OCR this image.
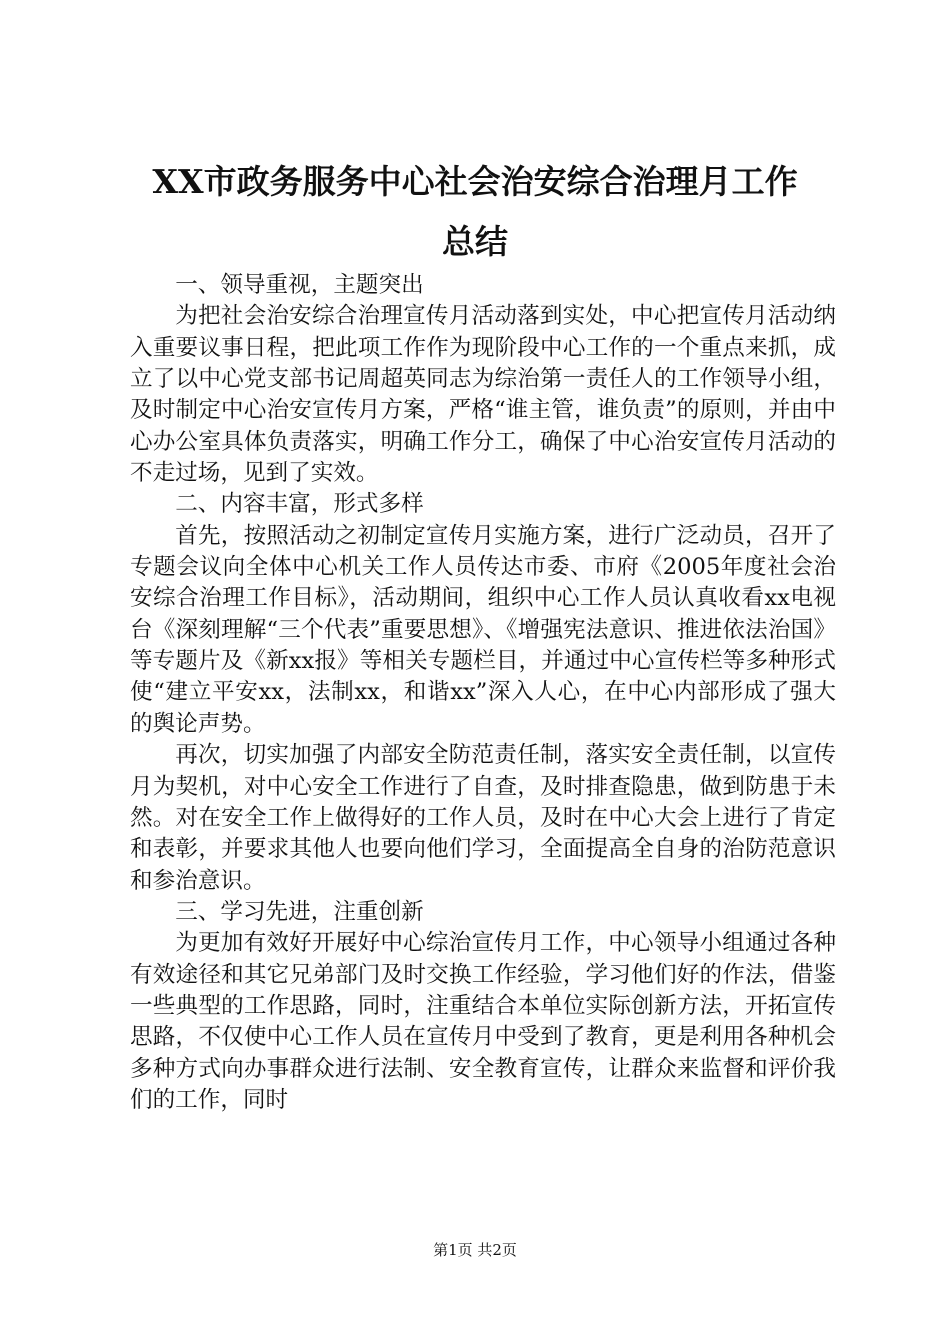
XX市政务服务中心社会治安综合治理月工作
总结

一、领导重视，主题突出

为把社会治安综合治理宣传月活动落到实处，中心把宣传月活动纳入重要议事日程，把此项工作作为现阶段中心工作的一个重点来抓，成立了以中心党支部书记周超英同志为综治第一责任人的工作领导小组，及时制定中心治安宣传月方案，严格“谁主管，谁负责”的原则，并由中心办公室具体负责落实，明确工作分工，确保了中心治安宣传月活动的不走过场，见到了实效。

二、内容丰富，形式多样

首先，按照活动之初制定宣传月实施方案，进行广泛动员，召开了专题会议向全体中心机关工作人员传达市委、市府《2005年度社会治安综合治理工作目标》，活动期间，组织中心工作人员认真收看xx电视台《深刻理解“三个代表”重要思想》、《增强宪法意识、推进依法治国》等专题片及《新xx报》等相关专题栏目，并通过中心宣传栏等多种形式使“建立平安xx，法制xx，和谐xx”深入人心，在中心内部形成了强大的舆论声势。

再次，切实加强了内部安全防范责任制，落实安全责任制，以宣传月为契机，对中心安全工作进行了自查，及时排查隐患，做到防患于未然。对在安全工作上做得好的工作人员，及时在中心大会上进行了肯定和表彰，并要求其他人也要向他们学习，全面提高全自身的治防范意识和参治意识。

三、学习先进，注重创新

为更加有效好开展好中心综治宣传月工作，中心领导小组通过各种有效途径和其它兄弟部门及时交换工作经验，学习他们好的作法，借鉴一些典型的工作思路，同时，注重结合本单位实际创新方法，开拓宣传思路，不仅使中心工作人员在宣传月中受到了教育，更是利用各种机会多种方式向办事群众进行法制、安全教育宣传，让群众来监督和评价我们的工作，同时

第1页 共2页
